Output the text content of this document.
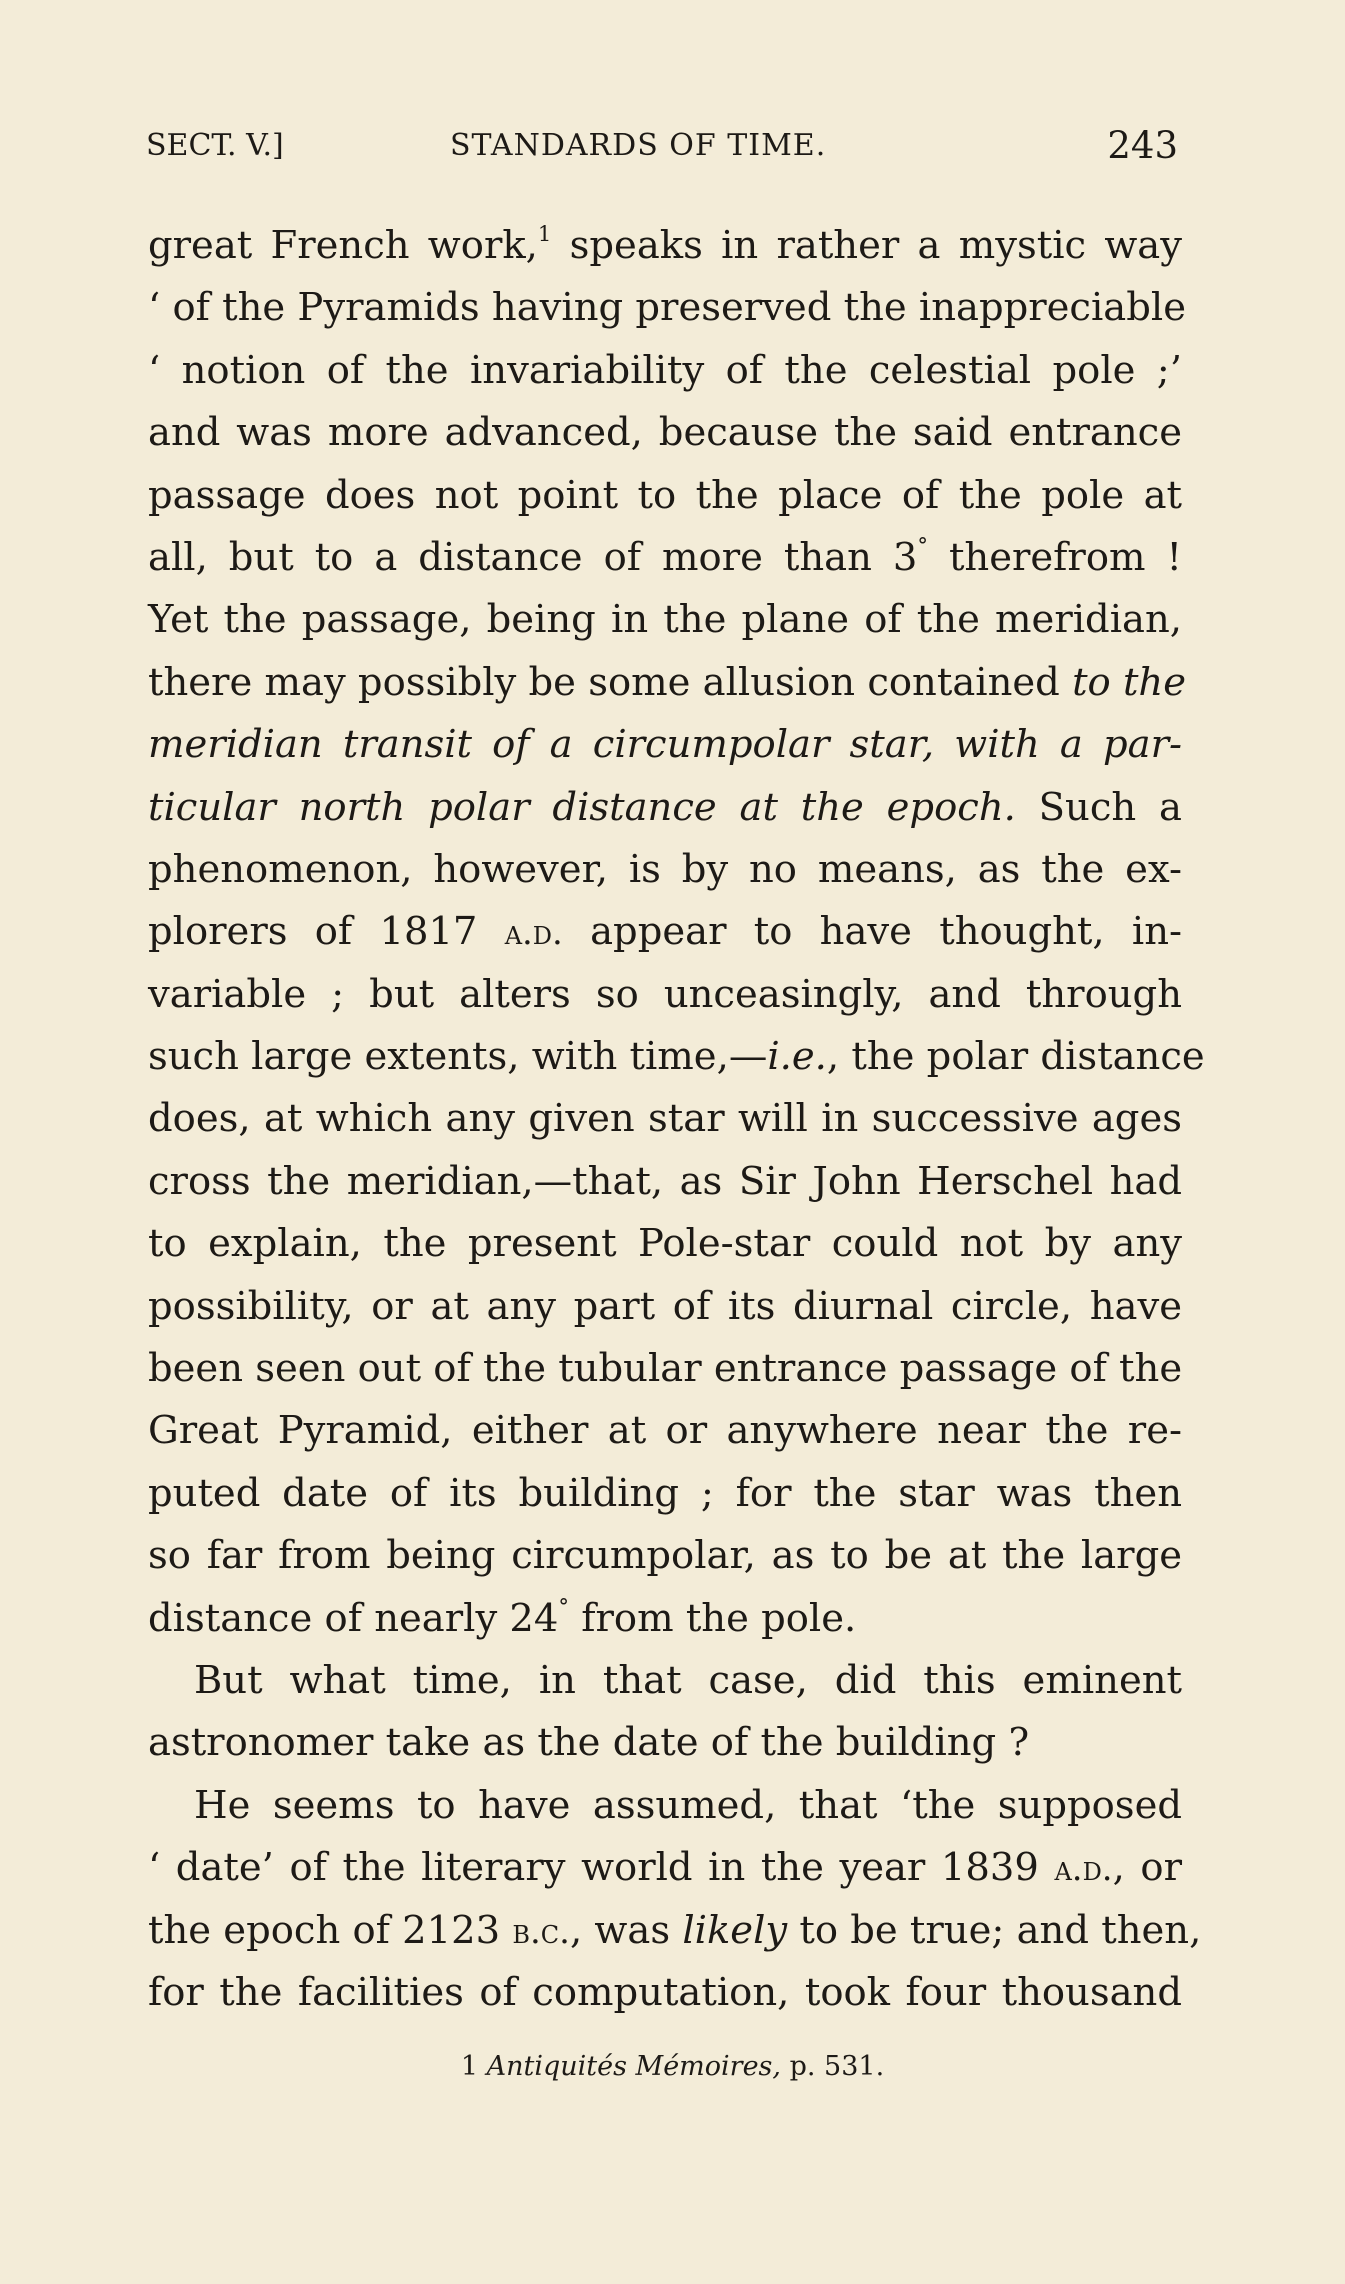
SECT. V.]	STANDARDS OF TIME.	243
great French work,$^1$ speaks in rather a mystic way
‘ of the Pyramids having preserved the inappreciable
‘ notion of the invariability of the celestial pole ;’
and was more advanced, because the said entrance
passage does not point to the place of the pole at
all, but to a distance of more than 3° therefrom !
Yet the passage, being in the plane of the meridian,
there may possibly be some allusion contained to the
meridian transit of a circumpolar star, with a par-
ticular north polar distance at the epoch. Such a
phenomenon, however, is by no means, as the ex-
plorers of 1817 a.d. appear to have thought, in-
variable ; but alters so unceasingly, and through
such large extents, with time,—i.e., the polar distance
does, at which any given star will in successive ages
cross the meridian,—that, as Sir John Herschel had
to explain, the present Pole-star could not by any
possibility, or at any part of its diurnal circle, have
been seen out of the tubular entrance passage of the
Great Pyramid, either at or anywhere near the re-
puted date of its building ; for the star was then
so far from being circumpolar, as to be at the large
distance of nearly 24° from the pole.
But what time, in that case, did this eminent
astronomer take as the date of the building ?
He seems to have assumed, that ‘the supposed
‘ date’ of the literary world in the year 1839 a.d., or
the epoch of 2123 b.c., was likely to be true; and then,
for the facilities of computation, took four thousand
1 Antiquités Mémoires, p. 531.
